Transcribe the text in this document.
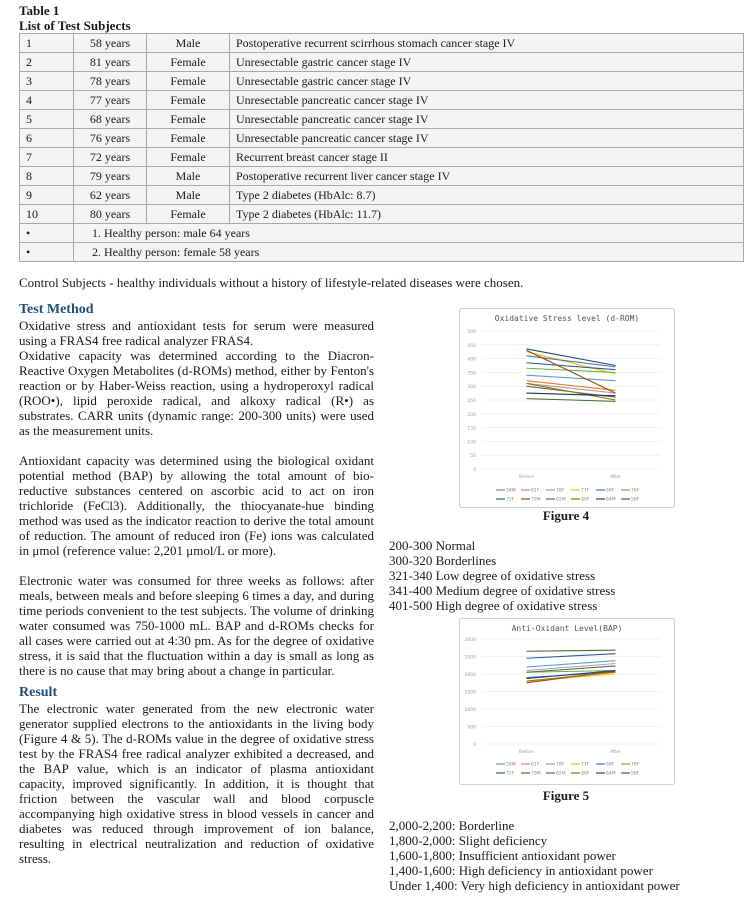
Table 1
List of Test Subjects
1	58 years	Male	Postoperative recurrent scirrhous stomach cancer stage IV
2	81 years	Female	Unresectable gastric cancer stage IV
3	78 years	Female	Unresectable gastric cancer stage IV
4	77 years	Female	Unresectable pancreatic cancer stage IV
5	68 years	Female	Unresectable pancreatic cancer stage IV
6	76 years	Female	Unresectable pancreatic cancer stage IV
7	72 years	Female	Recurrent breast cancer stage II
8	79 years	Male	Postoperative recurrent liver cancer stage IV
9	62 years	Male	Type 2 diabetes (HbAlc: 8.7)
10	80 years	Female	Type 2 diabetes (HbAlc: 11.7)
•	1. Healthy person: male 64 years		
•	2. Healthy person: female 58 years		
Control Subjects - healthy individuals without a history of lifestyle-related diseases were chosen.
Test Method

Oxidative stress and antioxidant tests for serum were measured using a FRAS4 free radical analyzer FRAS4.

Oxidative capacity was determined according to the Diacron-Reactive Oxygen Metabolites (d-ROMs) method, either by Fenton's reaction or by Haber-Weiss reaction, using a hydroperoxyl radical (ROO•), lipid peroxide radical, and alkoxy radical (R•) as substrates. CARR units (dynamic range: 200-300 units) were used as the measurement units.

Antioxidant capacity was determined using the biological oxidant potential method (BAP) by allowing the total amount of bio-reductive substances centered on ascorbic acid to act on iron trichloride (FeCl3). Additionally, the thiocyanate-hue binding method was used as the indicator reaction to derive the total amount of reduction. The amount of reduced iron (Fe) ions was calculated in μmol (reference value: 2,201 μmol/L or more).

Electronic water was consumed for three weeks as follows: after meals, between meals and before sleeping 6 times a day, and during time periods convenient to the test subjects. The volume of drinking water consumed was 750-1000 mL. BAP and d-ROMs checks for all cases were carried out at 4:30 pm. As for the degree of oxidative stress, it is said that the fluctuation within a day is small as long as there is no cause that may bring about a change in particular.

Result

The electronic water generated from the new electronic water generator supplied electrons to the antioxidants in the living body (Figure 4 & 5). The d-ROMs value in the degree of oxidative stress test by the FRAS4 free radical analyzer exhibited a decreased, and the BAP value, which is an indicator of plasma antioxidant capacity, improved significantly. In addition, it is thought that friction between the vascular wall and blood corpuscle accompanying high oxidative stress in blood vessels in cancer and diabetes was reduced through improvement of ion balance, resulting in electrical neutralization and reduction of oxidative stress.

Oxidative Stress level (d-ROM)
0
50
100
150
200
250
300
350
400
450
500
Before	After
58M	81F	78F	77F	68F	76F
72F	79M	62M	80F	64M	58F
Figure 4
200-300 Normal
300-320 Borderlines
321-340 Low degree of oxidative stress
341-400 Medium degree of oxidative stress
401-500 High degree of oxidative stress
Anti-Oxidant Level(BAP)
0
500
1000
1500
2000
2500
3000
Before	After
58M	81F	78F	77F	68F	76F
72F	79M	62M	80F	64M	58F
Figure 5
2,000-2,200: Borderline
1,800-2,000: Slight deficiency
1,600-1,800: Insufficient antioxidant power
1,400-1,600: High deficiency in antioxidant power
Under 1,400: Very high deficiency in antioxidant power
